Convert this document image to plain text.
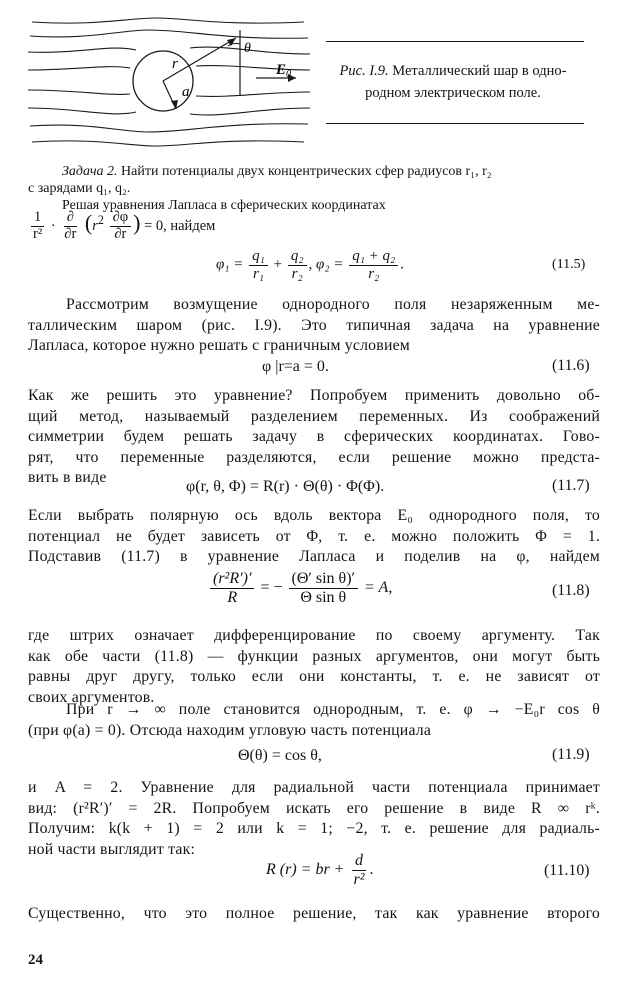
θ
r
a
E 0	Рис. I.9. Металлический шар в одно-
родном электрическом поле.
Задача 2. Найти потенциалы двух концентрических сфер радиусов r₁, r₂
с зарядами q₁, q₂.
Решая уравнения Лапласа в сферических координатах
$\frac{1}{\text{r²}} \cdot \frac{\partial}{\partial r} (r^2 \frac{\partial\varphi}{\partial r}$ ) = 0, найдем
$\varphi_1 = \frac{\text{q₁}}{\text{r₁}} + \frac{\text{q₂}}{\text{r₂}}$ , $\varphi_2 = \frac{\text{q₁ + q₂}}{\text{r₂}}$ .	(11.5)
Рассмотрим возмущение однородного поля незаряженным ме-
таллическим шаром (рис. I.9). Это типичная задача на уравнение
Лапласа, которое нужно решать с граничным условием
φ |r=a = 0.	(11.6)
Как же решить это уравнение? Попробуем применить довольно об-
щий метод, называемый разделением переменных. Из соображений
симметрии будем решать задачу в сферических координатах. Гово-
рят, что переменные разделяются, если решение можно предста-
вить в виде
φ(r, θ, Φ) = R(r) · Θ(θ) · Φ(Φ).	(11.7)
Если выбрать полярную ось вдоль вектора E₀ однородного поля, то
потенциал не будет зависеть от Φ, т. е. можно положить Φ = 1.
Подставив (11.7) в уравнение Лапласа и поделив на φ, найдем
$\frac{\text{(r²R′)′}}{R}$ = − $\frac{\text{(Θ′ sin θ)′}}{\text{Θ sin θ}} = A$,	(11.8)
где штрих означает дифференцирование по своему аргументу. Так
как обе части (11.8) — функции разных аргументов, они могут быть
равны друг другу, только если они константы, т. е. не зависят от
своих аргументов.
При r → ∞ поле становится однородным, т. е. φ → −E₀r cos θ
(при φ(a) = 0). Отсюда находим угловую часть потенциала
Θ(θ) = cos θ,	(11.9)
и A = 2. Уравнение для радиальной части потенциала принимает
вид: (r²R′)′ = 2R. Попробуем искать его решение в виде R ∞ rᵏ.
Получим: k(k + 1) = 2 или k = 1; −2, т. е. решение для радиаль-
ной части выглядит так:
R (r) = br + $\frac{d}{\text{r²}}$ .	(11.10)
Существенно, что это полное решение, так как уравнение второго
24
